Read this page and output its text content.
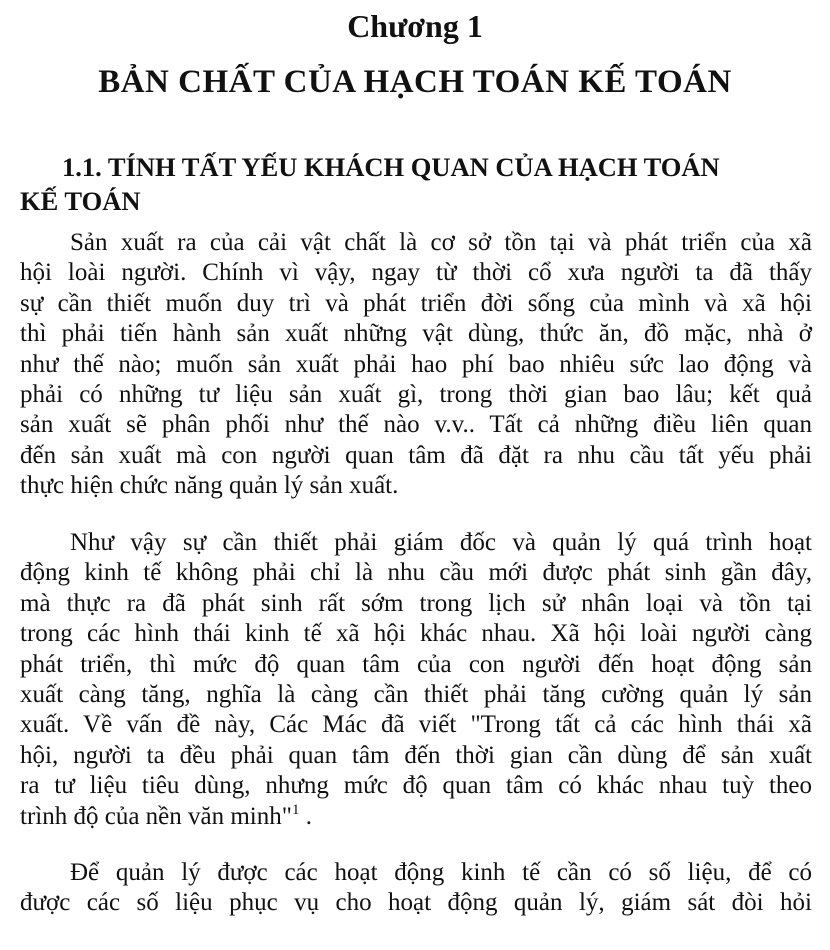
Chương 1
BẢN CHẤT CỦA HẠCH TOÁN KẾ TOÁN
1.1. TÍNH TẤT YẾU KHÁCH QUAN CỦA HẠCH TOÁN
KẾ TOÁN
Sản xuất ra của cải vật chất là cơ sở tồn tại và phát triển của xã
hội loài người. Chính vì vậy, ngay từ thời cổ xưa người ta đã thấy
sự cần thiết muốn duy trì và phát triển đời sống của mình và xã hội
thì phải tiến hành sản xuất những vật dùng, thức ăn, đồ mặc, nhà ở
như thế nào; muốn sản xuất phải hao phí bao nhiêu sức lao động và
phải có những tư liệu sản xuất gì, trong thời gian bao lâu; kết quả
sản xuất sẽ phân phối như thế nào v.v.. Tất cả những điều liên quan
đến sản xuất mà con người quan tâm đã đặt ra nhu cầu tất yếu phải
thực hiện chức năng quản lý sản xuất.
Như vậy sự cần thiết phải giám đốc và quản lý quá trình hoạt
động kinh tế không phải chỉ là nhu cầu mới được phát sinh gần đây,
mà thực ra đã phát sinh rất sớm trong lịch sử nhân loại và tồn tại
trong các hình thái kinh tế xã hội khác nhau. Xã hội loài người càng
phát triển, thì mức độ quan tâm của con người đến hoạt động sản
xuất càng tăng, nghĩa là càng cần thiết phải tăng cường quản lý sản
xuất. Về vấn đề này, Các Mác đã viết "Trong tất cả các hình thái xã
hội, người ta đều phải quan tâm đến thời gian cần dùng để sản xuất
ra tư liệu tiêu dùng, nhưng mức độ quan tâm có khác nhau tuỳ theo
trình độ của nền văn minh"$^1$ .
Để quản lý được các hoạt động kinh tế cần có số liệu, để có
được các số liệu phục vụ cho hoạt động quản lý, giám sát đòi hỏi
